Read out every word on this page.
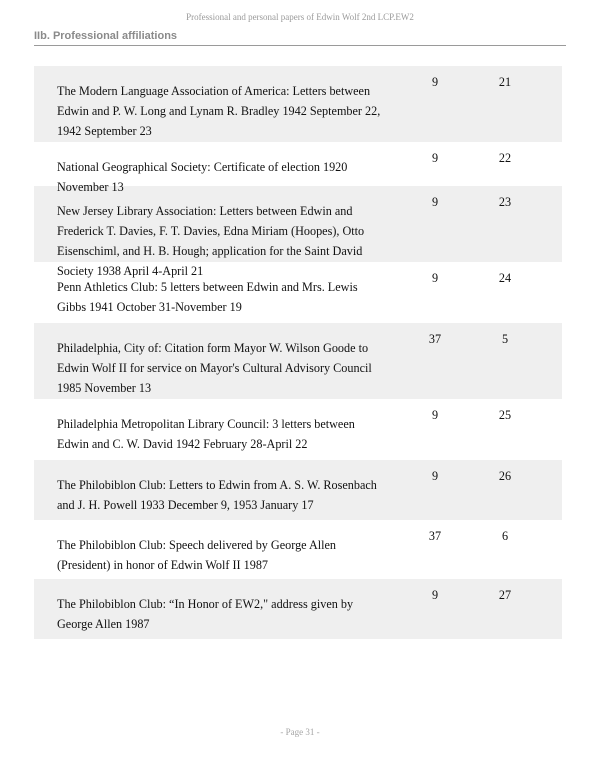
Professional and personal papers of Edwin Wolf 2nd LCP.EW2
IIb. Professional affiliations
The Modern Language Association of America: Letters between Edwin and P. W. Long and Lynam R. Bradley 1942 September 22, 1942 September 23
9	21
National Geographical Society: Certificate of election 1920 November 13
9	22
New Jersey Library Association: Letters between Edwin and Frederick T. Davies, F. T. Davies, Edna Miriam (Hoopes), Otto Eisenschiml, and H. B. Hough; application for the Saint David Society 1938 April 4-April 21
9	23
Penn Athletics Club: 5 letters between Edwin and Mrs. Lewis Gibbs 1941 October 31-November 19
9	24
Philadelphia, City of: Citation form Mayor W. Wilson Goode to Edwin Wolf II for service on Mayor's Cultural Advisory Council 1985 November 13
37	5
Philadelphia Metropolitan Library Council: 3 letters between Edwin and C. W. David 1942 February 28-April 22
9	25
The Philobiblon Club: Letters to Edwin from A. S. W. Rosenbach and J. H. Powell 1933 December 9, 1953 January 17
9	26
The Philobiblon Club: Speech delivered by George Allen (President) in honor of Edwin Wolf II 1987
37	6
The Philobiblon Club: “In Honor of EW2," address given by George Allen 1987
9	27
- Page 31 -
